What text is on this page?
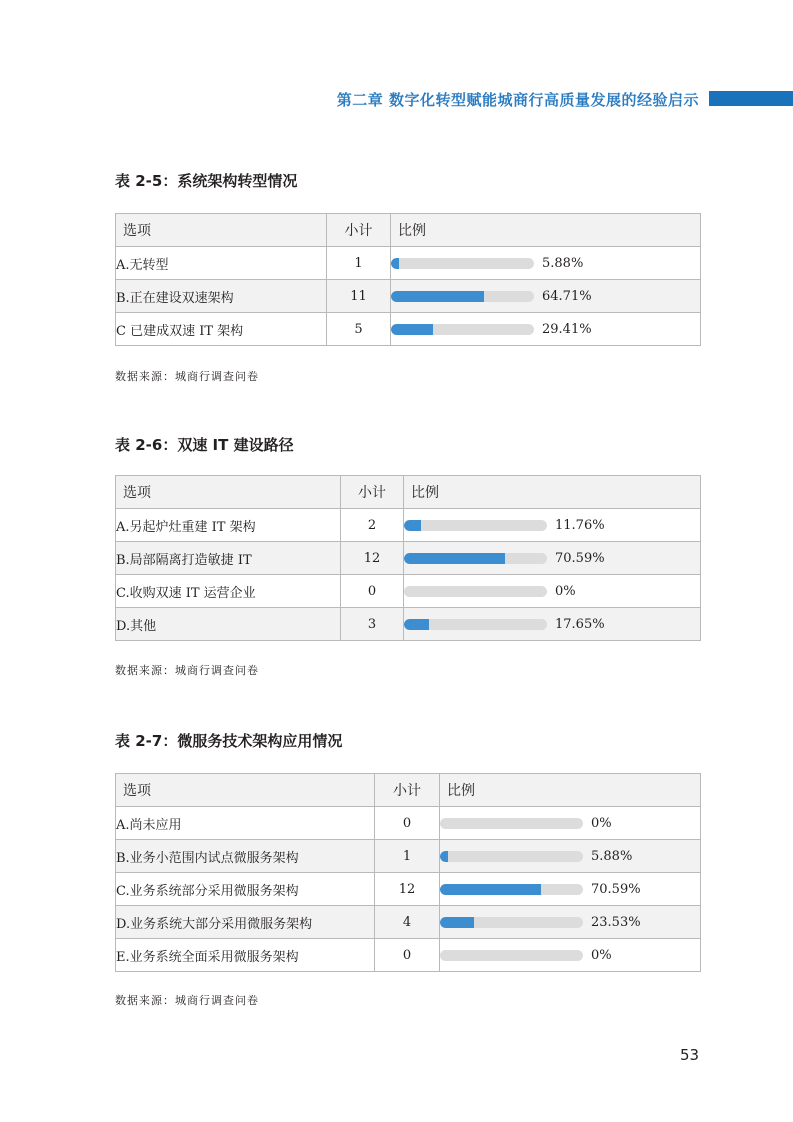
第二章 数字化转型赋能城商行高质量发展的经验启示
表 2-5：系统架构转型情况
选项	小计	比例
A.无转型	1	5.88%
B.正在建设双速架构	11	64.71%
C 已建成双速 IT 架构	5	29.41%
数据来源：城商行调查问卷
表 2-6：双速 IT 建设路径
选项	小计	比例
A.另起炉灶重建 IT 架构	2	11.76%
B.局部隔离打造敏捷 IT	12	70.59%
C.收购双速 IT 运营企业	0	0%
D.其他	3	17.65%
数据来源：城商行调查问卷
表 2-7：微服务技术架构应用情况
选项	小计	比例
A.尚未应用	0	0%
B.业务小范围内试点微服务架构	1	5.88%
C.业务系统部分采用微服务架构	12	70.59%
D.业务系统大部分采用微服务架构	4	23.53%
E.业务系统全面采用微服务架构	0	0%
数据来源：城商行调查问卷
53
